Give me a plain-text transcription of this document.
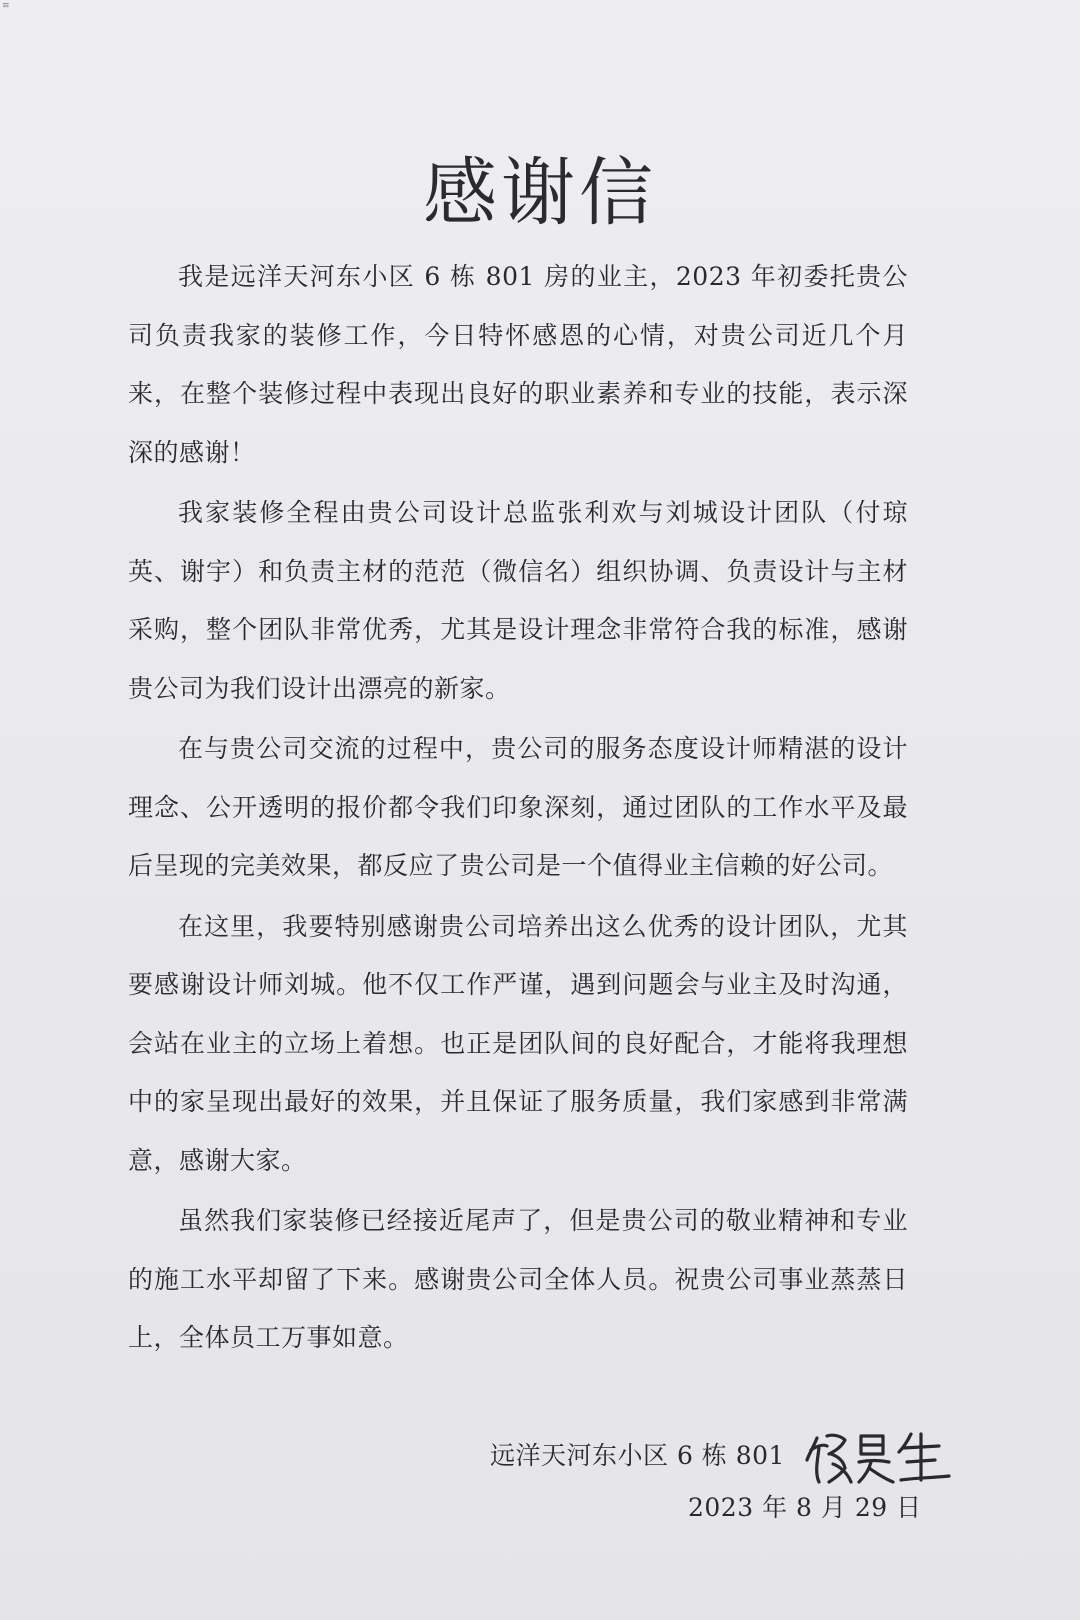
≡
感谢信

我是远洋天河东小区 6 栋 801 房的业主，2023 年初委托贵公司负责我家的装修工作，今日特怀感恩的心情，对贵公司近几个月来，在整个装修过程中表现出良好的职业素养和专业的技能，表示深深的感谢！

我家装修全程由贵公司设计总监张利欢与刘城设计团队（付琼英、谢宇）和负责主材的范范（微信名）组织协调、负责设计与主材采购，整个团队非常优秀，尤其是设计理念非常符合我的标准，感谢贵公司为我们设计出漂亮的新家。

在与贵公司交流的过程中，贵公司的服务态度设计师精湛的设计理念、公开透明的报价都令我们印象深刻，通过团队的工作水平及最后呈现的完美效果，都反应了贵公司是一个值得业主信赖的好公司。

在这里，我要特别感谢贵公司培养出这么优秀的设计团队，尤其要感谢设计师刘城。他不仅工作严谨，遇到问题会与业主及时沟通，会站在业主的立场上着想。也正是团队间的良好配合，才能将我理想中的家呈现出最好的效果，并且保证了服务质量，我们家感到非常满意，感谢大家。

虽然我们家装修已经接近尾声了，但是贵公司的敬业精神和专业的施工水平却留了下来。感谢贵公司全体人员。祝贵公司事业蒸蒸日上，全体员工万事如意。

远洋天河东小区 6 栋 801
2023 年 8 月 29 日
